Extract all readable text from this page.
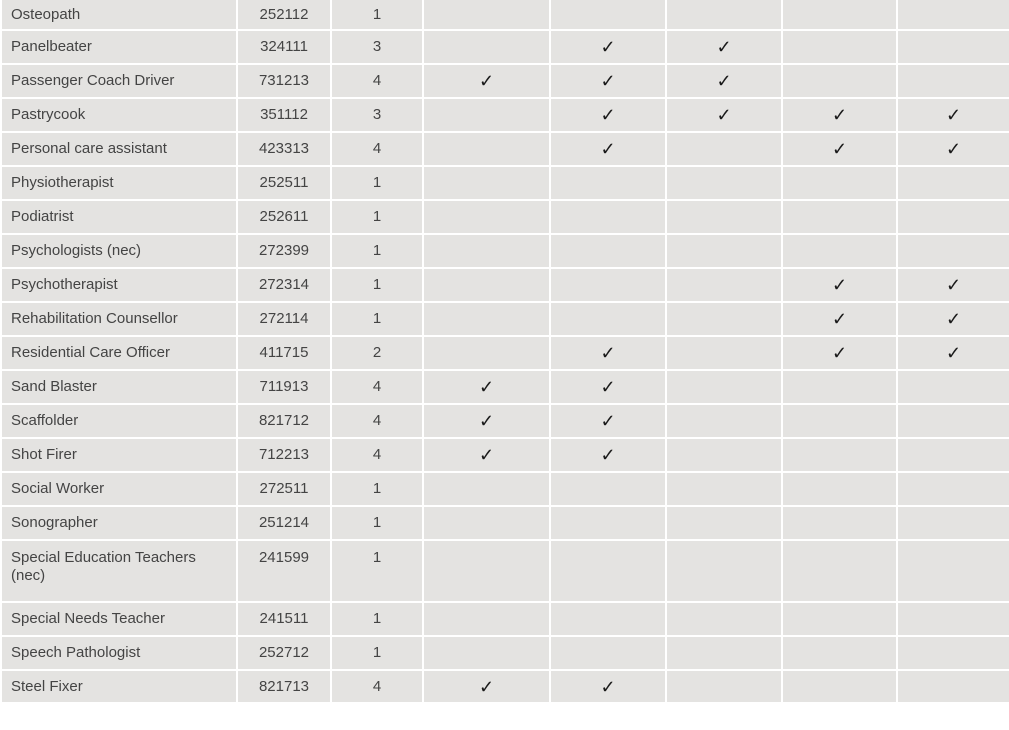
Osteopath	252112	1					
Panelbeater	324111	3		✓	✓		
Passenger Coach Driver	731213	4	✓	✓	✓		
Pastrycook	351112	3		✓	✓	✓	✓
Personal care assistant	423313	4		✓		✓	✓
Physiotherapist	252511	1					
Podiatrist	252611	1					
Psychologists (nec)	272399	1					
Psychotherapist	272314	1				✓	✓
Rehabilitation Counsellor	272114	1				✓	✓
Residential Care Officer	411715	2		✓		✓	✓
Sand Blaster	711913	4	✓	✓			
Scaffolder	821712	4	✓	✓			
Shot Firer	712213	4	✓	✓			
Social Worker	272511	1					
Sonographer	251214	1					
Special Education Teachers (nec)	241599	1					
Special Needs Teacher	241511	1					
Speech Pathologist	252712	1					
Steel Fixer	821713	4	✓	✓			
